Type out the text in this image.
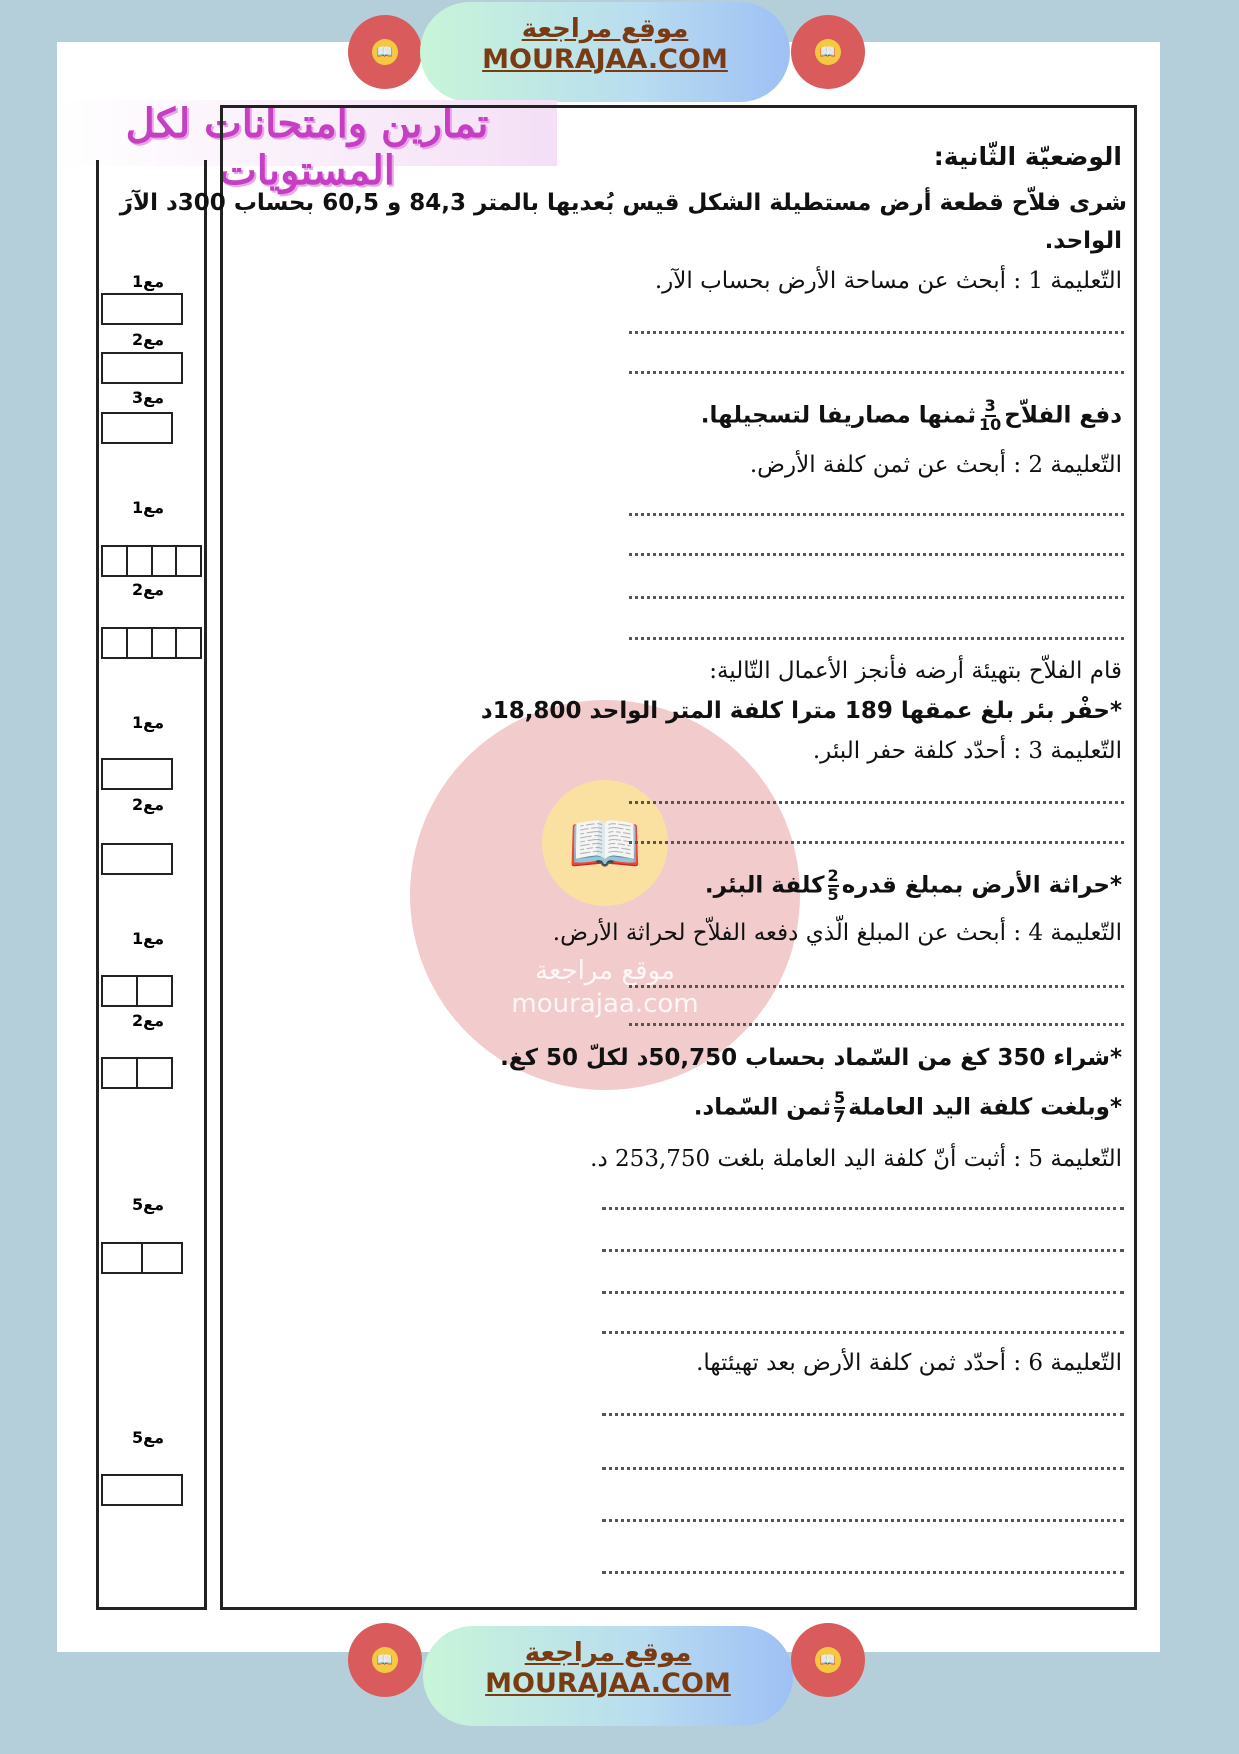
📖
موقع مراجعة
MOURAJAA.COM	📖
تمارين وامتحانات لكل المستويات
📖
موقع مراجعة
mourajaa.com
الوضعيّة الثّانية:
شرى فلاّح قطعة أرض مستطيلة الشكل قيس بُعديها بالمتر 84,3 و 60,5 بحساب 300د الآرَ
الواحد.
التّعليمة 1 : أبحث عن مساحة الأرض بحساب الآر.
دفع الفلاّح
$\frac{3}{10}$
ثمنها مصاريفا لتسجيلها.
التّعليمة 2 : أبحث عن ثمن كلفة الأرض.
قام الفلاّح بتهيئة أرضه فأنجز الأعمال التّالية:
*حفْر بئر بلغ عمقها 189 مترا كلفة المتر الواحد 18,800د
التّعليمة 3 : أحدّد كلفة حفر البئر.
*حراثة الأرض بمبلغ قدره
$\frac{2}{5}$
كلفة البئر.
التّعليمة 4 : أبحث عن المبلغ الّذي دفعه الفلاّح لحراثة الأرض.
*شراء 350 كغ من السّماد بحساب 50,750د لكلّ 50 كغ.
*وبلغت كلفة اليد العاملة
$\frac{5}{7}$
ثمن السّماد.
التّعليمة 5 : أثبت أنّ كلفة اليد العاملة بلغت 253,750 د.
التّعليمة 6 : أحدّد ثمن كلفة الأرض بعد تهيئتها.
مع1
مع2
مع3
مع1
مع2
مع1
مع2
مع1
مع2
مع5
مع5
📖	موقع مراجعة
MOURAJAA.COM
📖
